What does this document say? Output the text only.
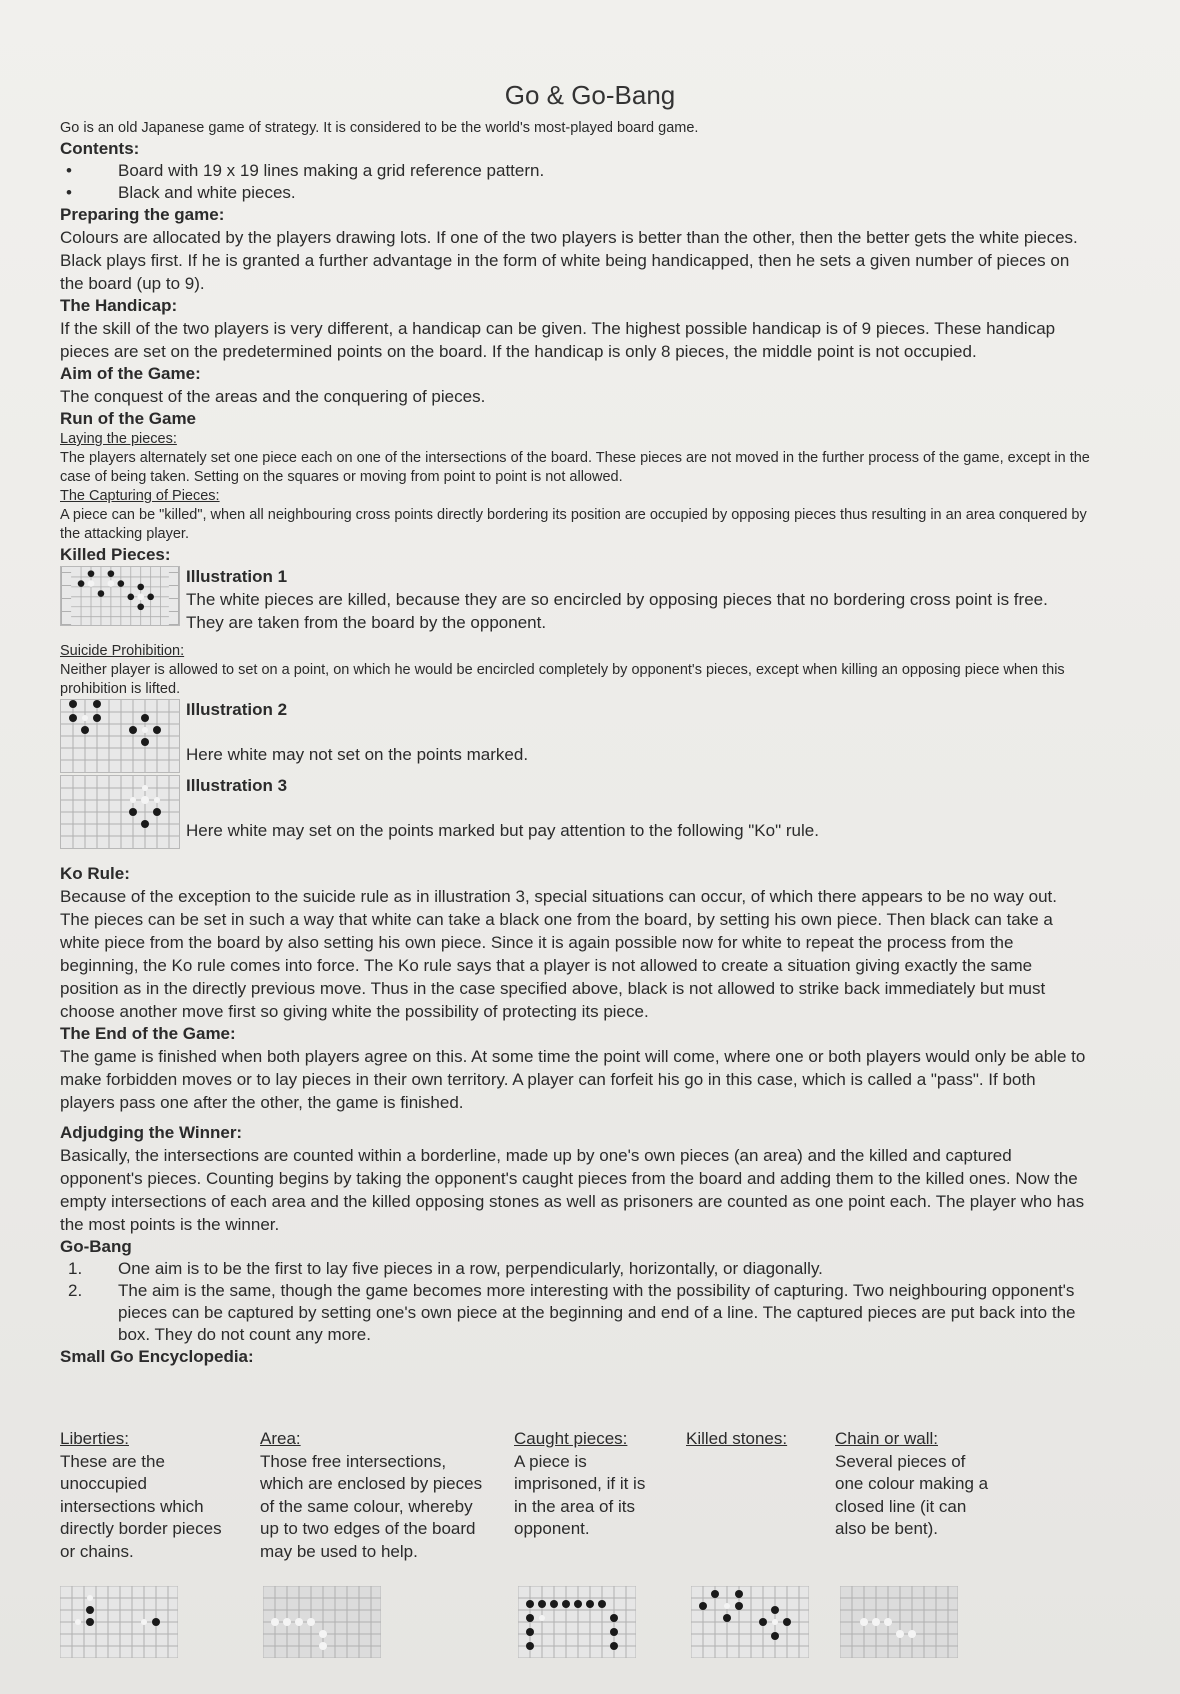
Go & Go-Bang

Go is an old Japanese game of strategy. It is considered to be the world's most-played board game.

Contents:

• Board with 19 x 19 lines making a grid reference pattern.
• Black and white pieces.

Preparing the game:

Colours are allocated by the players drawing lots. If one of the two players is better than the other, then the better gets the white pieces. Black plays first. If he is granted a further advantage in the form of white being handicapped, then he sets a given number of pieces on the board (up to 9).

The Handicap:

If the skill of the two players is very different, a handicap can be given. The highest possible handicap is of 9 pieces. These handicap pieces are set on the predetermined points on the board. If the handicap is only 8 pieces, the middle point is not occupied.

Aim of the Game:

The conquest of the areas and the conquering of pieces.

Run of the Game

Laying the pieces:

The players alternately set one piece each on one of the intersections of the board. These pieces are not moved in the further process of the game, except in the case of being taken. Setting on the squares or moving from point to point is not allowed.

The Capturing of Pieces:

A piece can be "killed", when all neighbouring cross points directly bordering its position are occupied by opposing pieces thus resulting in an area conquered by the attacking player.

Killed Pieces:

Illustration 1
The white pieces are killed, because they are so encircled by opposing pieces that no bordering cross point is free. They are taken from the board by the opponent.

Suicide Prohibition:

Neither player is allowed to set on a point, on which he would be encircled completely by opponent's pieces, except when killing an opposing piece when this prohibition is lifted.

Illustration 2
Here white may not set on the points marked.
Illustration 3
Here white may set on the points marked but pay attention to the following "Ko" rule.

Ko Rule:

Because of the exception to the suicide rule as in illustration 3, special situations can occur, of which there appears to be no way out. The pieces can be set in such a way that white can take a black one from the board, by setting his own piece. Then black can take a white piece from the board by also setting his own piece. Since it is again possible now for white to repeat the process from the beginning, the Ko rule comes into force. The Ko rule says that a player is not allowed to create a situation giving exactly the same position as in the directly previous move. Thus in the case specified above, black is not allowed to strike back immediately but must choose another move first so giving white the possibility of protecting its piece.

The End of the Game:

The game is finished when both players agree on this. At some time the point will come, where one or both players would only be able to make forbidden moves or to lay pieces in their own territory. A player can forfeit his go in this case, which is called a "pass". If both players pass one after the other, the game is finished.

Adjudging the Winner:

Basically, the intersections are counted within a borderline, made up by one's own pieces (an area) and the killed and captured opponent's pieces. Counting begins by taking the opponent's caught pieces from the board and adding them to the killed ones. Now the empty intersections of each area and the killed opposing stones as well as prisoners are counted as one point each. The player who has the most points is the winner.

Go-Bang

1. One aim is to be the first to lay five pieces in a row, perpendicularly, horizontally, or diagonally.
2. The aim is the same, though the game becomes more interesting with the possibility of capturing. Two neighbouring opponent's pieces can be captured by setting one's own piece at the beginning and end of a line. The captured pieces are put back into the box. They do not count any more.

Small Go Encyclopedia:

Liberties:
These are the unoccupied intersections which directly border pieces or chains.
Area:
Those free intersections, which are enclosed by pieces of the same colour, whereby up to two edges of the board may be used to help.
Caught pieces:
A piece is imprisoned, if it is in the area of its opponent.
Killed stones:	Chain or wall:
Several pieces of one colour making a closed line (it can also be bent).
